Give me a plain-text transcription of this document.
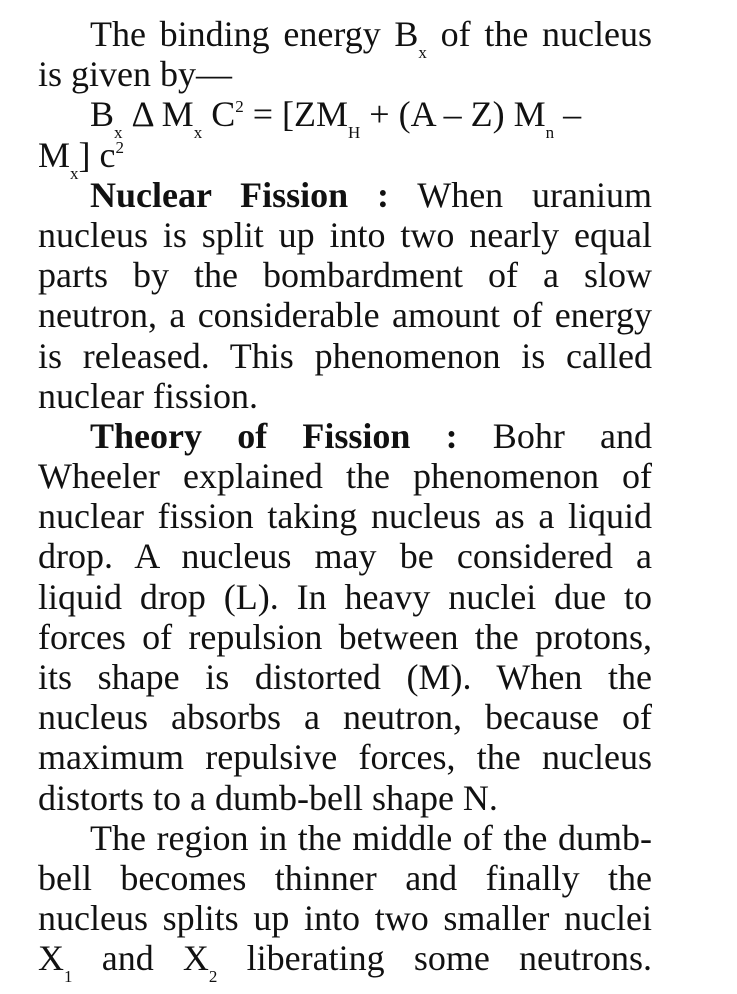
The binding energy $B_x$ of the nucleus
is given by—
$B_x$ Δ $M_x$ $C^2 = [ZM_H + (A - Z)$ $M_n$ –
$M_x$] $c^2$
Nuclear Fission : When uranium
nucleus is split up into two nearly equal
parts by the bombardment of a slow
neutron, a considerable amount of energy
is released. This phenomenon is called
nuclear fission.
Theory of Fission : Bohr and
Wheeler explained the phenomenon of
nuclear fission taking nucleus as a liquid
drop. A nucleus may be considered a
liquid drop (L). In heavy nuclei due to
forces of repulsion between the protons,
its shape is distorted (M). When the
nucleus absorbs a neutron, because of
maximum repulsive forces, the nucleus
distorts to a dumb-bell shape N.
The region in the middle of the dumb-
bell becomes thinner and finally the
nucleus splits up into two smaller nuclei
$X_1$ and $X_2$ liberating some neutrons.
